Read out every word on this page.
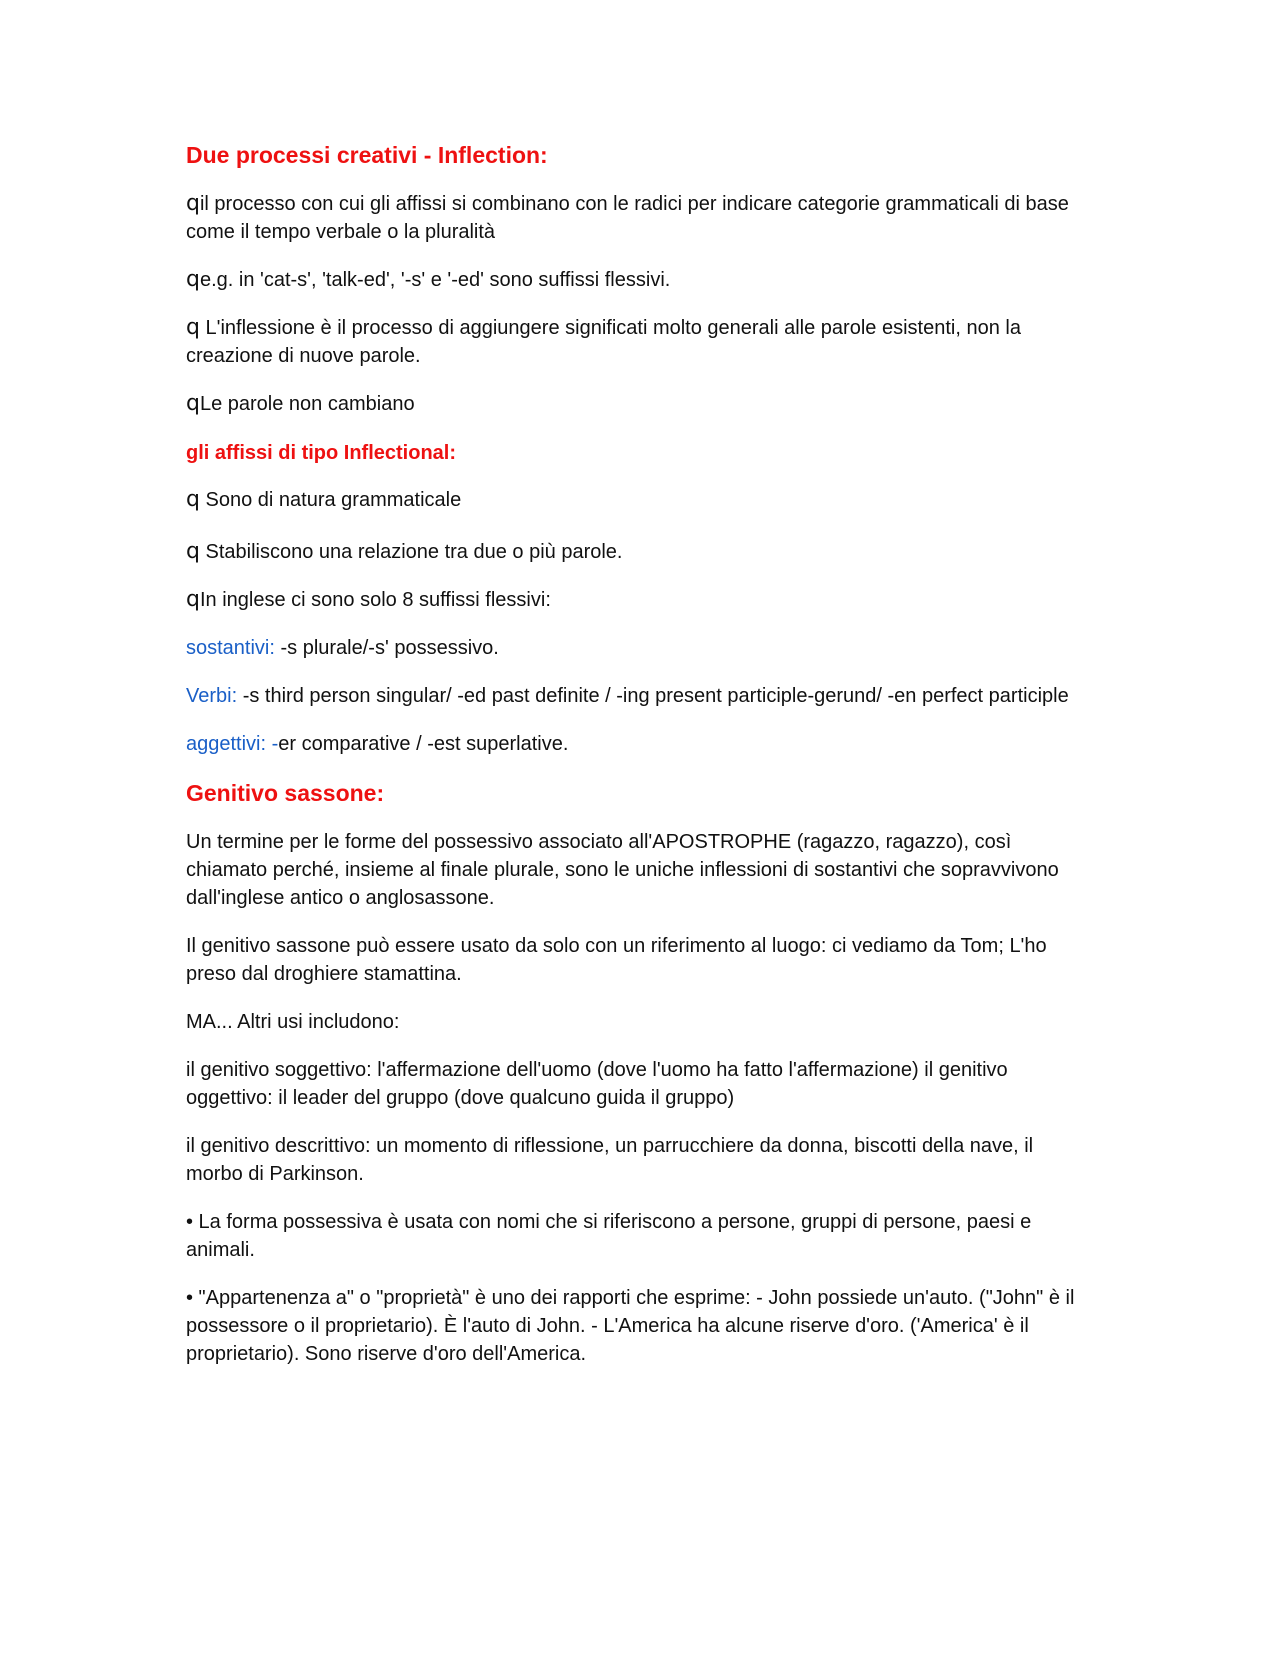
Due processi creativi - Inflection:
qil processo con cui gli affissi si combinano con le radici per indicare categorie grammaticali di base come il tempo verbale o la pluralità
qe.g. in 'cat-s', 'talk-ed', '-s' e '-ed' sono suffissi flessivi.
q L'inflessione è il processo di aggiungere significati molto generali alle parole esistenti, non la creazione di nuove parole.
qLe parole non cambiano
gli affissi di tipo Inflectional:
q Sono di natura grammaticale
q Stabiliscono una relazione tra due o più parole.
qIn inglese ci sono solo 8 suffissi flessivi:
sostantivi: -s plurale/-s' possessivo.
Verbi: -s third person singular/ -ed past definite / -ing present participle-gerund/ -en perfect participle
aggettivi: -er comparative / -est superlative.
Genitivo sassone:
Un termine per le forme del possessivo associato all'APOSTROPHE (ragazzo, ragazzo), così chiamato perché, insieme al finale plurale, sono le uniche inflessioni di sostantivi che sopravvivono dall'inglese antico o anglosassone.
Il genitivo sassone può essere usato da solo con un riferimento al luogo: ci vediamo da Tom; L'ho preso dal droghiere stamattina.
MA... Altri usi includono:
il genitivo soggettivo: l'affermazione dell'uomo (dove l'uomo ha fatto l'affermazione) il genitivo oggettivo: il leader del gruppo (dove qualcuno guida il gruppo)
il genitivo descrittivo: un momento di riflessione, un parrucchiere da donna, biscotti della nave, il morbo di Parkinson.
• La forma possessiva è usata con nomi che si riferiscono a persone, gruppi di persone, paesi e animali.
• "Appartenenza a" o "proprietà" è uno dei rapporti che esprime: - John possiede un'auto. ("John" è il possessore o il proprietario). È l'auto di John. - L'America ha alcune riserve d'oro. ('America' è il proprietario). Sono riserve d'oro dell'America.
